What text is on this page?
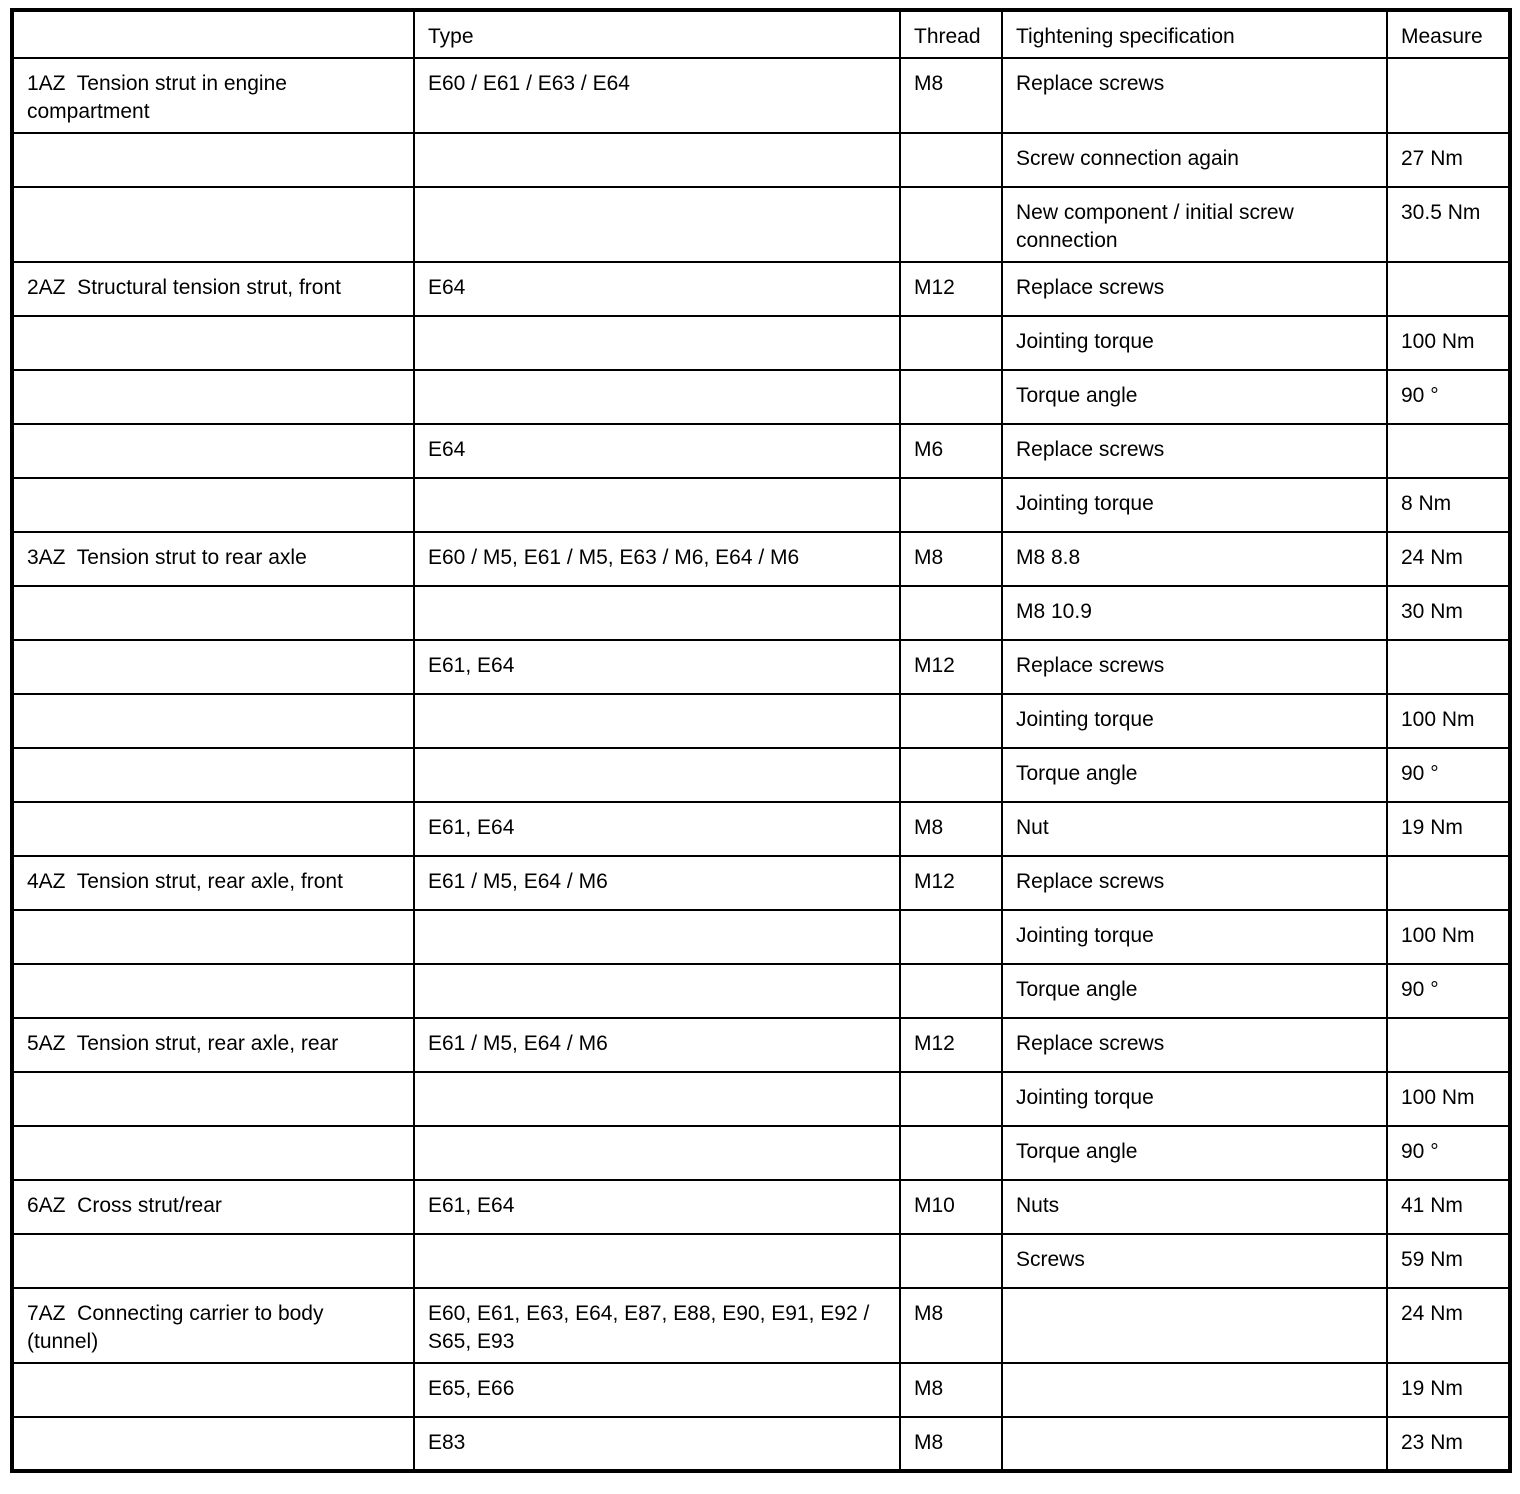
	Type	Thread	Tightening specification	Measure
1AZ  Tension strut in engine compartment	E60 / E61 / E63 / E64	M8	Replace screws	
			Screw connection again	27 Nm
			New component / initial screw connection	30.5 Nm
2AZ  Structural tension strut, front	E64	M12	Replace screws	
			Jointing torque	100 Nm
			Torque angle	90 °
	E64	M6	Replace screws	
			Jointing torque	8 Nm
3AZ  Tension strut to rear axle	E60 / M5, E61 / M5, E63 / M6, E64 / M6	M8	M8 8.8	24 Nm
			M8 10.9	30 Nm
	E61, E64	M12	Replace screws	
			Jointing torque	100 Nm
			Torque angle	90 °
	E61, E64	M8	Nut	19 Nm
4AZ  Tension strut, rear axle, front	E61 / M5, E64 / M6	M12	Replace screws	
			Jointing torque	100 Nm
			Torque angle	90 °
5AZ  Tension strut, rear axle, rear	E61 / M5, E64 / M6	M12	Replace screws	
			Jointing torque	100 Nm
			Torque angle	90 °
6AZ  Cross strut/rear	E61, E64	M10	Nuts	41 Nm
			Screws	59 Nm
7AZ  Connecting carrier to body (tunnel)	E60, E61, E63, E64, E87, E88, E90, E91, E92 / S65, E93	M8		24 Nm
	E65, E66	M8		19 Nm
	E83	M8		23 Nm
